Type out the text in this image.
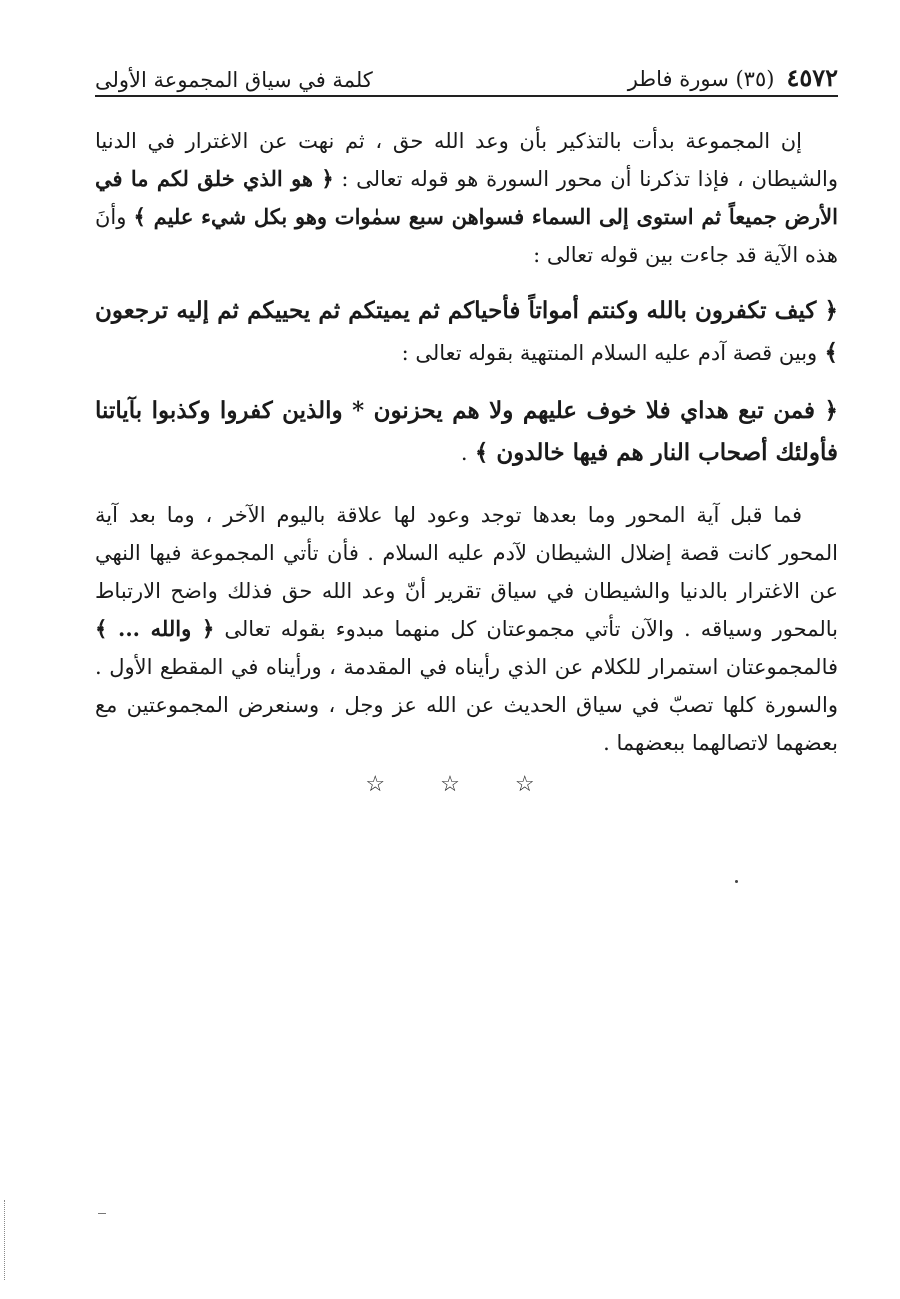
٤٥٧٢
(٣٥) سورة فاطر
كلمة في سياق المجموعة الأولى

إن المجموعة بدأت بالتذكير بأن وعد الله حق ، ثم نهت عن الاغترار في الدنيا والشيطان ، فإذا تذكرنا أن محور السورة هو قوله تعالى : ﴿ هو الذي خلق لكم ما في الأرض جميعاً ثم استوى إلى السماء فسواهن سبع سمٰوات وهو بكل شيء عليم ﴾ وأنَ هذه الآية قد جاءت بين قوله تعالى :

﴿ كيف تكفرون بالله وكنتم أمواتاً فأحياكم ثم يميتكم ثم يحييكم ثم إليه ترجعون ﴾ وبين قصة آدم عليه السلام المنتهية بقوله تعالى :

﴿ فمن تبع هداي فلا خوف عليهم ولا هم يحزنون * والذين كفروا وكذبوا بآياتنا فأولئك أصحاب النار هم فيها خالدون ﴾ .

فما قبل آية المحور وما بعدها توجد وعود لها علاقة باليوم الآخر ، وما بعد آية المحور كانت قصة إضلال الشيطان لآدم عليه السلام . فأن تأتي المجموعة فيها النهي عن الاغترار بالدنيا والشيطان في سياق تقرير أنّ وعد الله حق فذلك واضح الارتباط بالمحور وسياقه . والآن تأتي مجموعتان كل منهما مبدوء بقوله تعالى ﴿ والله ... ﴾ فالمجموعتان استمرار للكلام عن الذي رأيناه في المقدمة ، ورأيناه في المقطع الأول . والسورة كلها تصبّ في سياق الحديث عن الله عز وجل ، وسنعرض المجموعتين مع بعضهما لاتصالهما ببعضهما .

☆ ☆ ☆
